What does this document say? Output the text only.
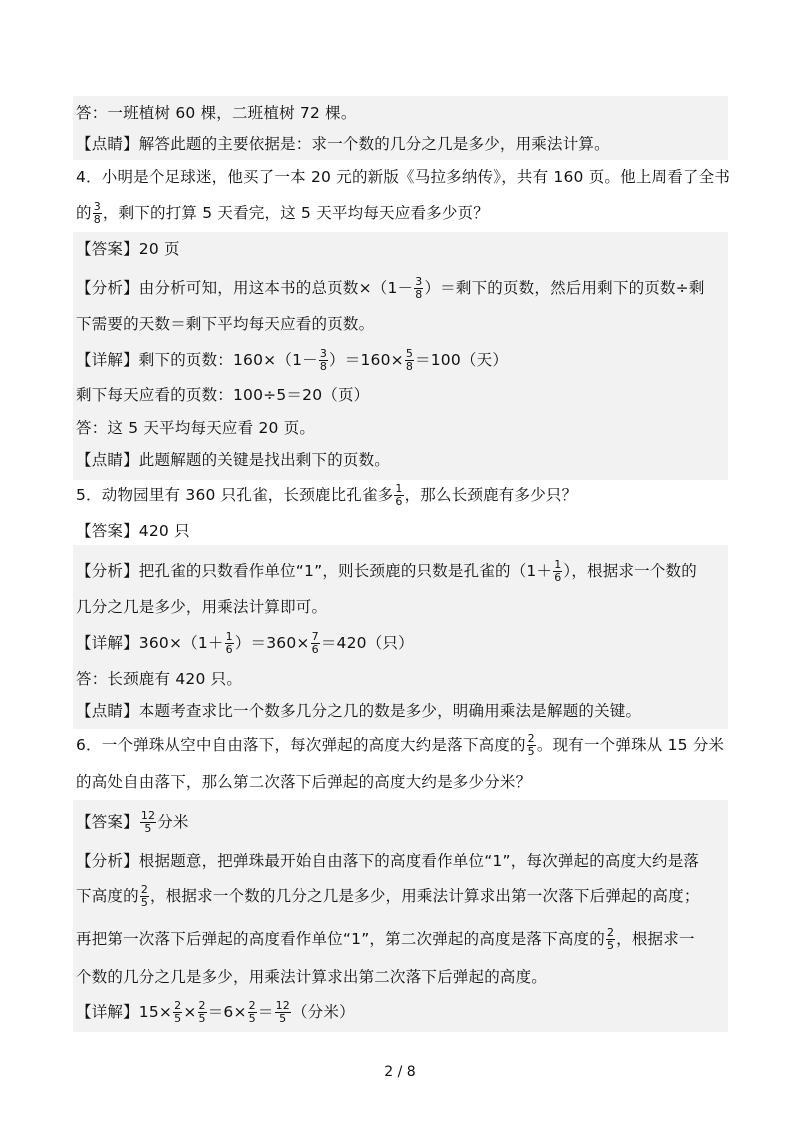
答：一班植树 60 棵，二班植树 72 棵。
【点睛】解答此题的主要依据是：求一个数的几分之几是多少，用乘法计算。
4．小明是个足球迷，他买了一本 20 元的新版《马拉多纳传》，共有 160 页。他上周看了全书
的 $\frac{3}{8}$ ，剩下的打算 5 天看完，这 5 天平均每天应看多少页？
【答案】20 页
【分析】由分析可知，用这本书的总页数$\times(1- \frac{3}{8}$ ）＝剩下的页数，然后用剩下的页数÷剩
下需要的天数＝剩下平均每天应看的页数。
【详解】剩下的页数：$160\times(1- \frac{3}{8} )=160\times \frac{5}{8} =100$（天）
剩下每天应看的页数：100÷5＝20（页）
答：这 5 天平均每天应看 20 页。
【点睛】此题解题的关键是找出剩下的页数。
5．动物园里有 360 只孔雀，长颈鹿比孔雀多 $\frac{1}{6}$ ，那么长颈鹿有多少只？
【答案】420 只
【分析】把孔雀的只数看作单位“1”，则长颈鹿的只数是孔雀的（$1+ \frac{1}{6}$ ），根据求一个数的
几分之几是多少，用乘法计算即可。
【详解】$360\times(1+ \frac{1}{6} )=360\times \frac{7}{6} =420$（只）
答：长颈鹿有 420 只。
【点睛】本题考查求比一个数多几分之几的数是多少，明确用乘法是解题的关键。
6．一个弹珠从空中自由落下，每次弹起的高度大约是落下高度的 $\frac{2}{5}$ 。现有一个弹珠从 15 分米
的高处自由落下，那么第二次落下后弹起的高度大约是多少分米？
【答案】 $\frac{12}{5}$ 分米
【分析】根据题意，把弹珠最开始自由落下的高度看作单位“1”，每次弹起的高度大约是落
下高度的 $\frac{2}{5}$ ，根据求一个数的几分之几是多少，用乘法计算求出第一次落下后弹起的高度；
再把第一次落下后弹起的高度看作单位“1”，第二次弹起的高度是落下高度的 $\frac{2}{5}$ ，根据求一
个数的几分之几是多少，用乘法计算求出第二次落下后弹起的高度。
【详解】$15\times \frac{2}{5} \times \frac{2}{5} =6\times \frac{2}{5} = \frac{12}{5}$ （分米）
2 / 8
